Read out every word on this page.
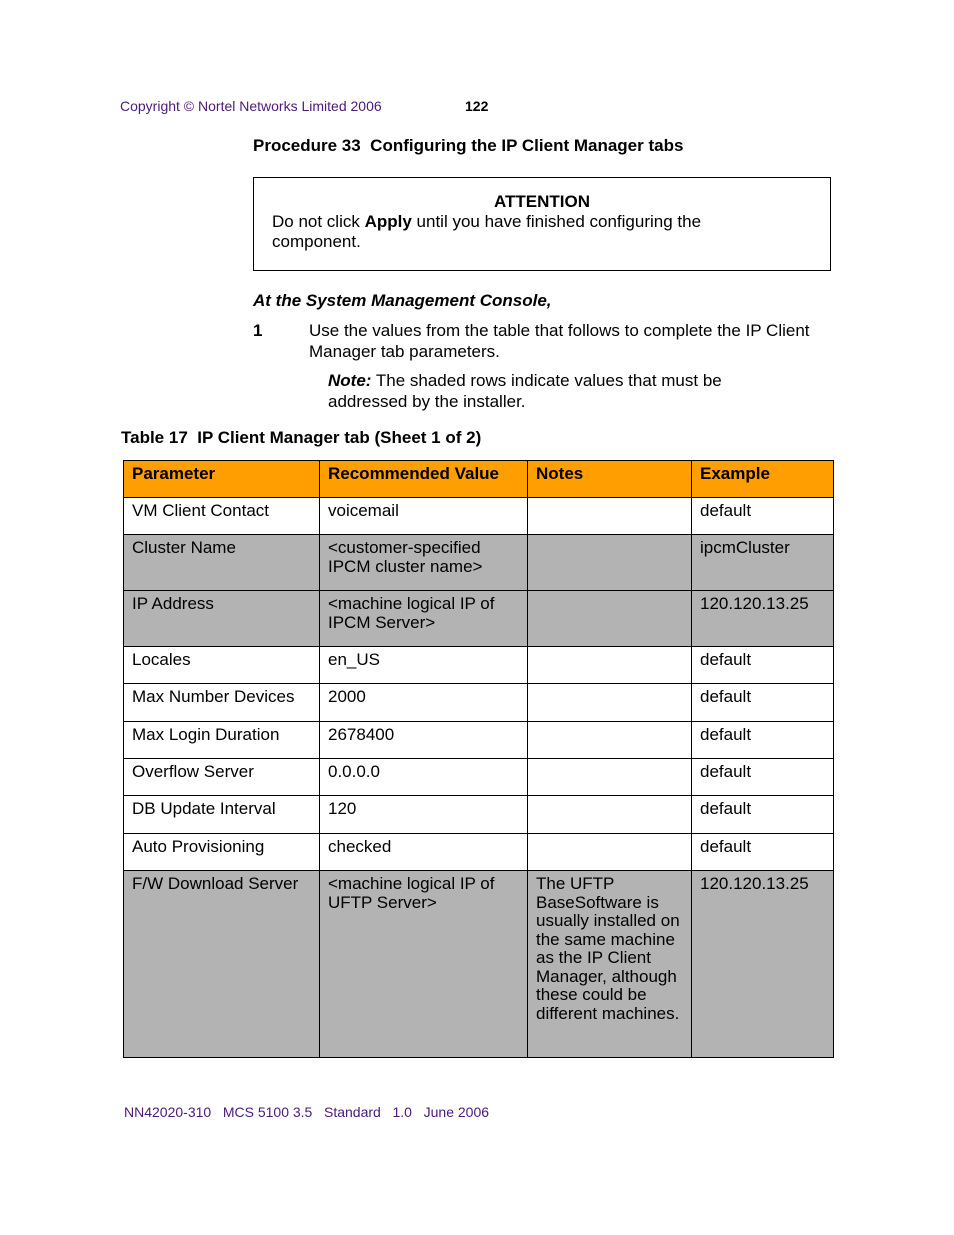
Copyright © Nortel Networks Limited 2006	122
Procedure 33  Configuring the IP Client Manager tabs
ATTENTION
Do not click Apply until you have finished configuring the component.
At the System Management Console,
1	Use the values from the table that follows to complete the IP Client Manager tab parameters.
Note: The shaded rows indicate values that must be addressed by the installer.
Table 17  IP Client Manager tab (Sheet 1 of 2)
Parameter	Recommended Value	Notes	Example
VM Client Contact	voicemail		default
Cluster Name	<customer-specified IPCM cluster name>		ipcmCluster
IP Address	<machine logical IP of IPCM Server>		120.120.13.25
Locales	en_US		default
Max Number Devices	2000		default
Max Login Duration	2678400		default
Overflow Server	0.0.0.0		default
DB Update Interval	120		default
Auto Provisioning	checked		default
F/W Download Server	<machine logical IP of UFTP Server>	The UFTP BaseSoftware is usually installed on the same machine as the IP Client Manager, although these could be different machines.	120.120.13.25
NN42020-310   MCS 5100 3.5   Standard   1.0   June 2006
